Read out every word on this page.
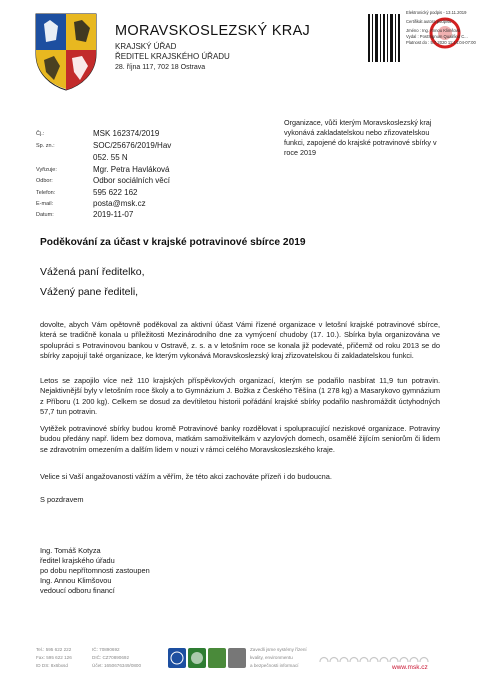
MORAVSKOSLEZSKÝ KRAJ
KRAJSKÝ ÚŘAD
ŘEDITEL KRAJSKÉHO ÚŘADU
28. října 117, 702 18 Ostrava
Elektronický podpis - 13.11.2019
Certifikát autora podpisu :
Jméno : Ing. Annou Klimšová
Vydal : PostSignum Qualified C...
Platnost do : 5.7.2020 11:14:04-07:00
Organizace, vůči kterým Moravskoslezský kraj vykonává zakladatelskou nebo zřizovatelskou funkci, zapojené do krajské potravinové sbírky v roce 2019
Čj.:	MSK 162374/2019
Sp. zn.:	SOC/25676/2019/Hav
052. 55 N
Vyřizuje:	Mgr. Petra Havláková
Odbor:	Odbor sociálních věcí
Telefon:	595 622 162
E-mail:	posta@msk.cz
Datum:	2019-11-07
Poděkování za účast v krajské potravinové sbírce 2019
Vážená paní ředitelko,
Vážený pane řediteli,
dovolte, abych Vám opětovně poděkoval za aktivní účast Vámi řízené organizace v letošní krajské potravinové sbírce, která se tradičně konala u příležitosti Mezinárodního dne za vymýcení chudoby (17. 10.). Sbírka byla organizována ve spolupráci s Potravinovou bankou v Ostravě, z. s. a v letošním roce se konala již podevaté, přičemž od roku 2013 se do sbírky zapojují také organizace, ke kterým vykonává Moravskoslezský kraj zřizovatelskou či zakladatelskou funkci.
Letos se zapojilo více než 110 krajských příspěvkových organizací, kterým se podařilo nasbírat 11,9 tun potravin. Nejaktivnější byly v letošním roce školy a to Gymnázium J. Božka z Českého Těšína (1 278 kg) a Masarykovo gymnázium z Příboru (1 200 kg). Celkem se dosud za devítiletou historii pořádání krajské sbírky podařilo nashromáždit úctyhodných 57,7 tun potravin.
Vytěžek potravinové sbírky budou kromě Potravinové banky rozdělovat i spolupracující neziskové organizace. Potraviny budou předány např. lidem bez domova, matkám samoživitelkám v azylových domech, osamělé žijícím seniorům či lidem se zdravotním omezením a dalším lidem v nouzi v rámci celého Moravskoslezského kraje.
Velice si Vaší angažovanosti vážím a věřím, že této akci zachováte přízeň i do budoucna.
S pozdravem
Ing. Tomáš Kotyza
ředitel krajského úřadu
po dobu nepřítomnosti zastoupen
Ing. Annou Klimšovou
vedoucí odboru financí
Tel.: 595 622 222
Fax: 595 622 126
ID DS: 8x6bxsd
IČ: 70890692
DIČ: CZ70890692
Účet: 1650676349/0800
Zavedli jsme systémy řízení
kvality, environmentu
a bezpečnosti informací	www.msk.cz
